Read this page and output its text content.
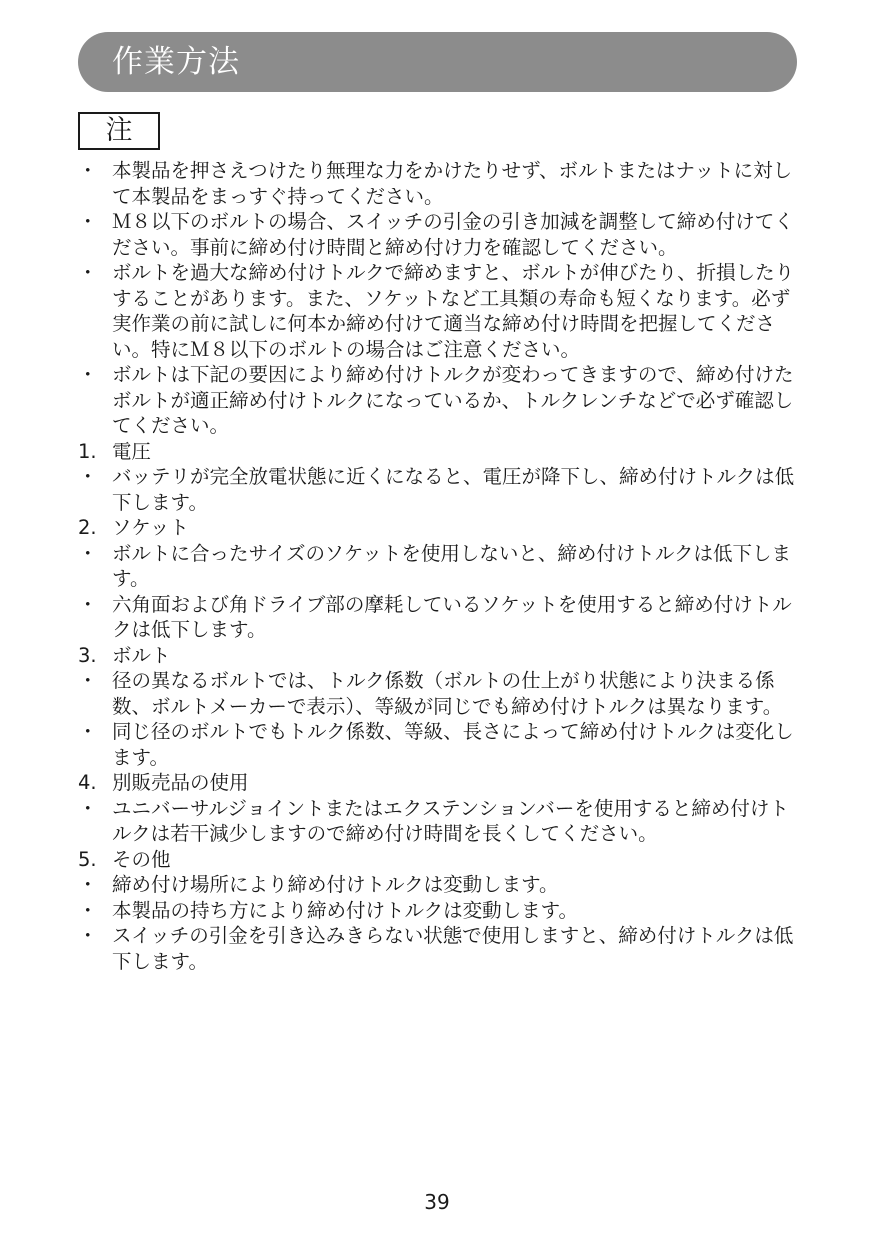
作業方法
注
・ 本製品を押さえつけたり無理な力をかけたりせず、ボルトまたはナットに対して本製品をまっすぐ持ってください。
・ Ｍ８以下のボルトの場合、スイッチの引金の引き加減を調整して締め付けてください。事前に締め付け時間と締め付け力を確認してください。
・ ボルトを過大な締め付けトルクで締めますと、ボルトが伸びたり、折損したりすることがあります。また、ソケットなど工具類の寿命も短くなります。必ず実作業の前に試しに何本か締め付けて適当な締め付け時間を把握してください。特にＭ８以下のボルトの場合はご注意ください。
・ ボルトは下記の要因により締め付けトルクが変わってきますので、締め付けたボルトが適正締め付けトルクになっているか、トルクレンチなどで必ず確認してください。
1. 電圧
・ バッテリが完全放電状態に近くになると、電圧が降下し、締め付けトルクは低下します。
2. ソケット
・ ボルトに合ったサイズのソケットを使用しないと、締め付けトルクは低下します。
・ 六角面および角ドライブ部の摩耗しているソケットを使用すると締め付けトルクは低下します。
3. ボルト
・ 径の異なるボルトでは、トルク係数（ボルトの仕上がり状態により決まる係数、ボルトメーカーで表示）、等級が同じでも締め付けトルクは異なります。
・ 同じ径のボルトでもトルク係数、等級、長さによって締め付けトルクは変化します。
4. 別販売品の使用
・ ユニバーサルジョイントまたはエクステンションバーを使用すると締め付けトルクは若干減少しますので締め付け時間を長くしてください。
5. その他
・ 締め付け場所により締め付けトルクは変動します。
・ 本製品の持ち方により締め付けトルクは変動します。
・ スイッチの引金を引き込みきらない状態で使用しますと、締め付けトルクは低下します。
39
